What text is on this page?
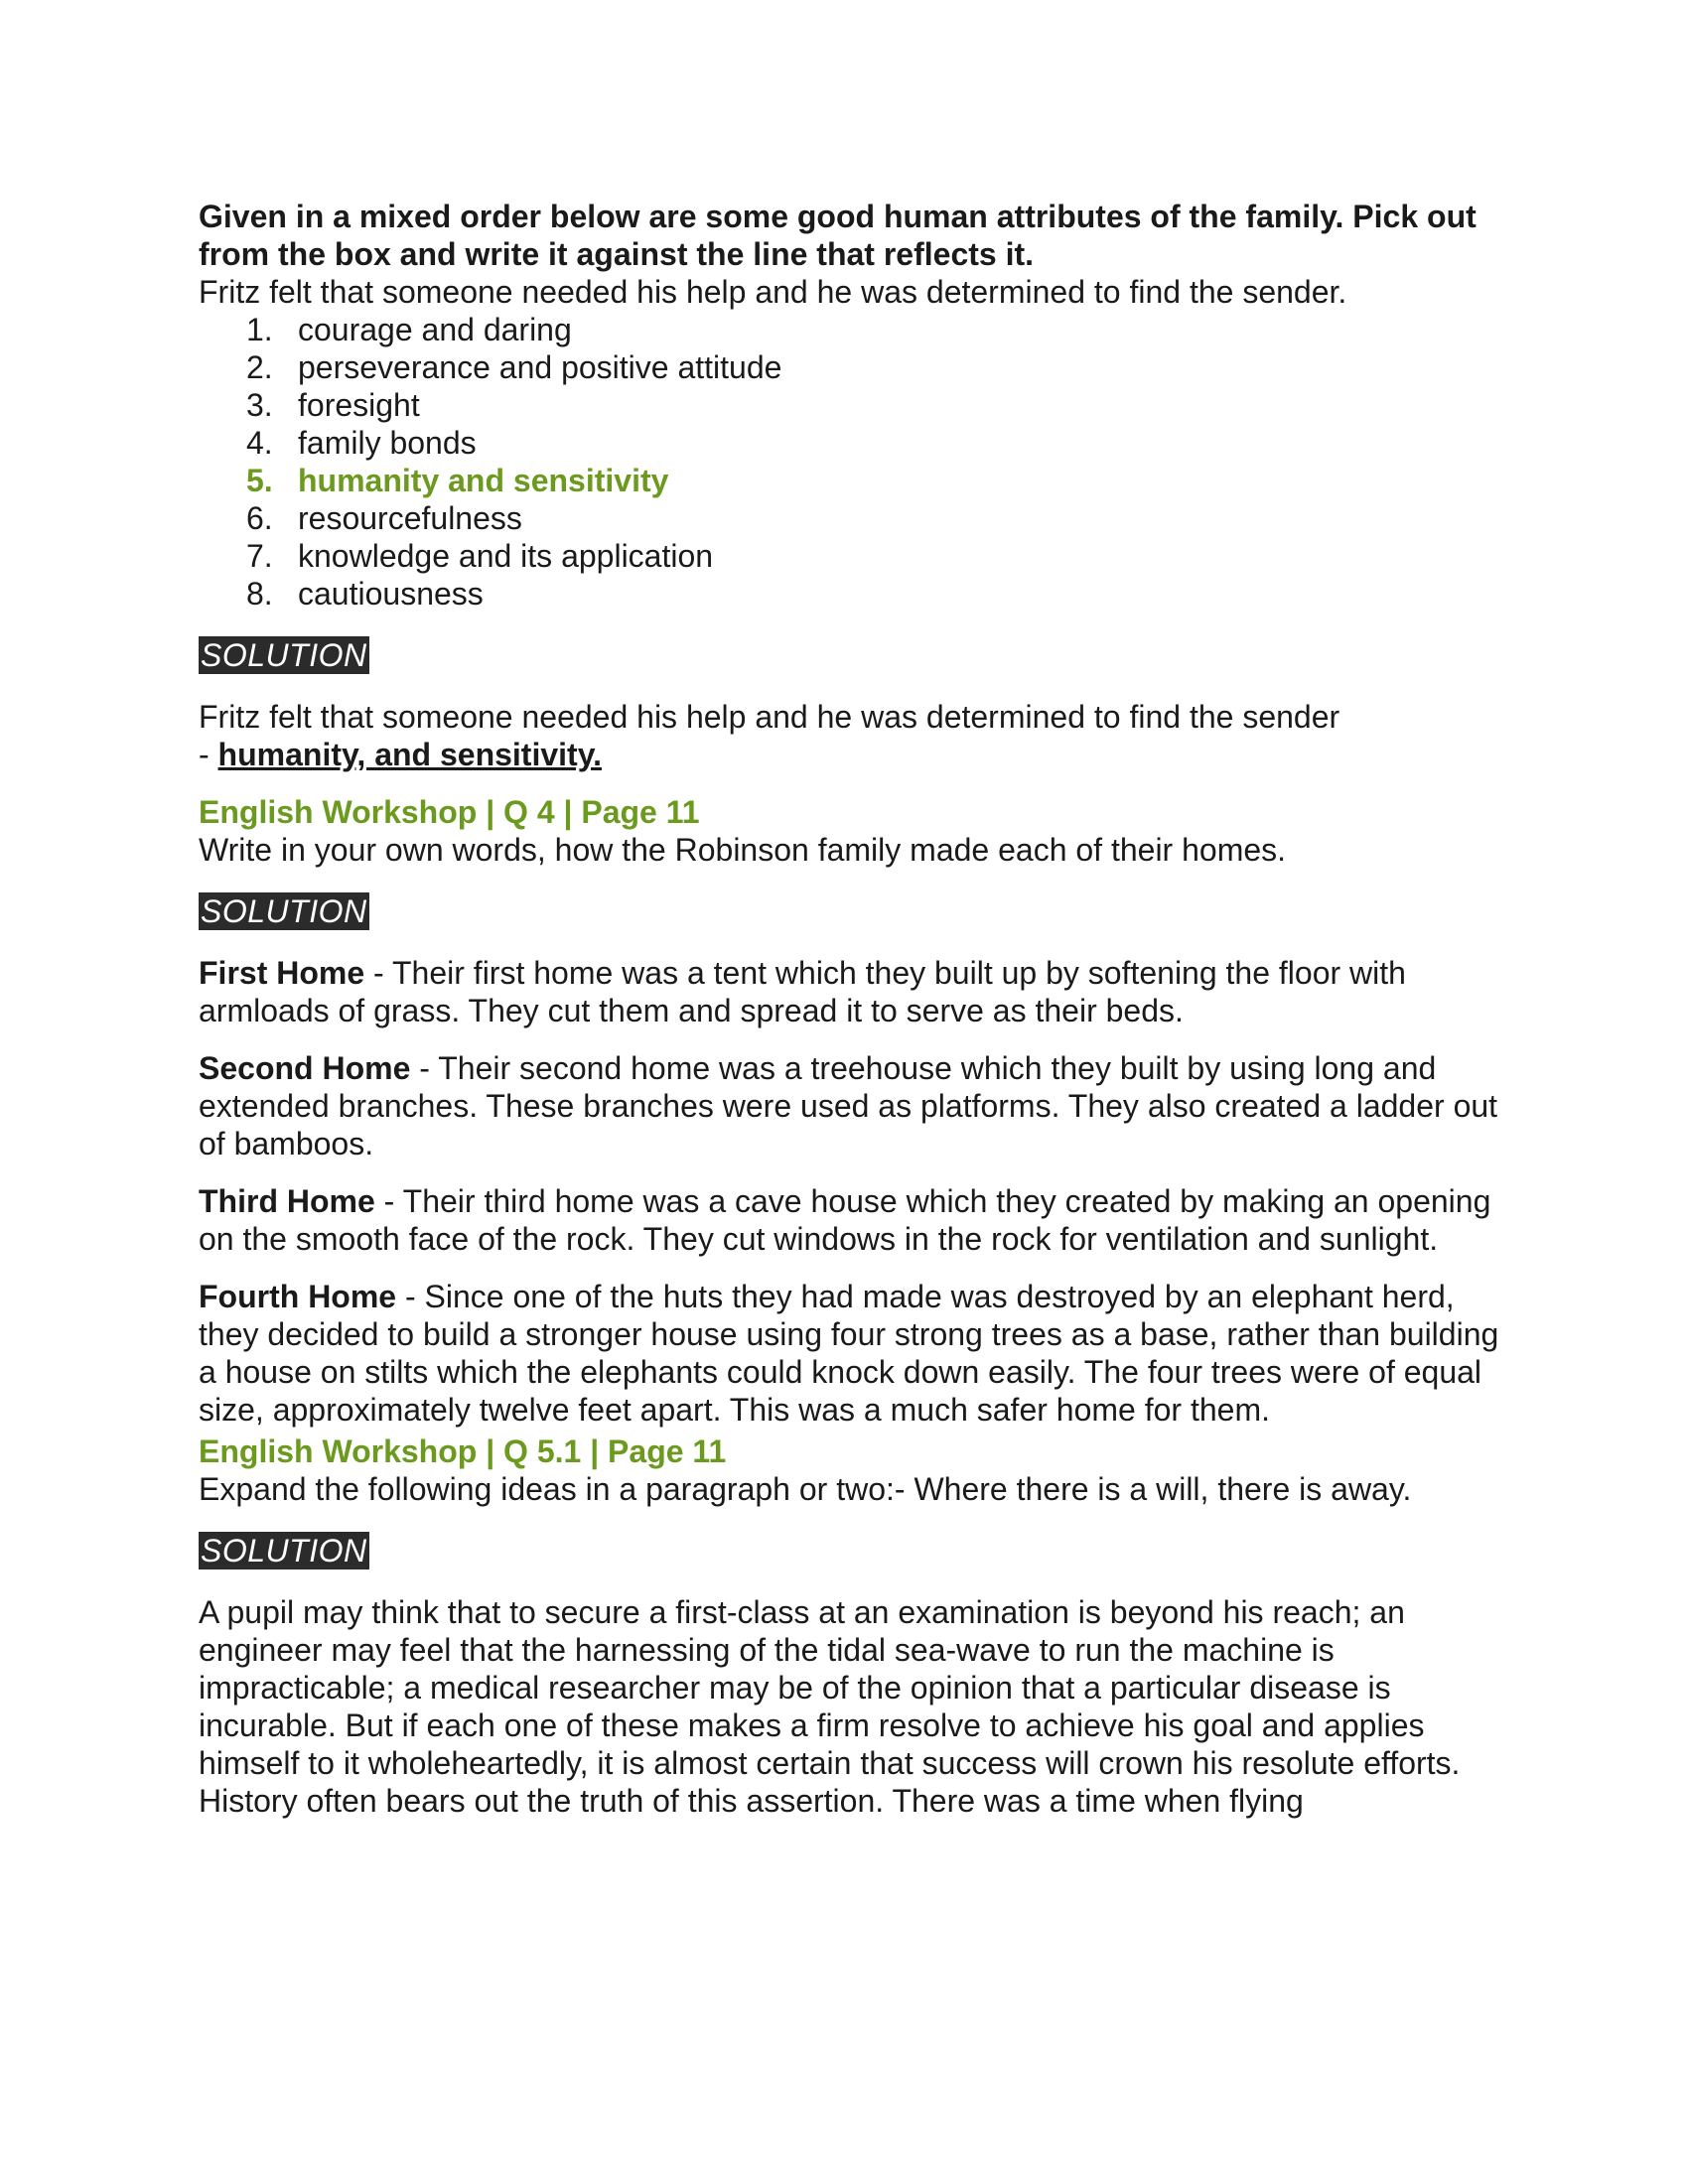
Given in a mixed order below are some good human attributes of the family. Pick out from the box and write it against the line that reflects it.

Fritz felt that someone needed his help and he was determined to find the sender.

1. courage and daring
2. perseverance and positive attitude
3. foresight
4. family bonds
5. humanity and sensitivity
6. resourcefulness
7. knowledge and its application
8. cautiousness
SOLUTION

Fritz felt that someone needed his help and he was determined to find the sender
- humanity, and sensitivity.

English Workshop | Q 4 | Page 11

Write in your own words, how the Robinson family made each of their homes.

SOLUTION

First Home - Their first home was a tent which they built up by softening the floor with armloads of grass. They cut them and spread it to serve as their beds.

Second Home - Their second home was a treehouse which they built by using long and extended branches. These branches were used as platforms. They also created a ladder out of bamboos.

Third Home - Their third home was a cave house which they created by making an opening on the smooth face of the rock. They cut windows in the rock for ventilation and sunlight.

Fourth Home - Since one of the huts they had made was destroyed by an elephant herd, they decided to build a stronger house using four strong trees as a base, rather than building a house on stilts which the elephants could knock down easily. The four trees were of equal size, approximately twelve feet apart. This was a much safer home for them.

English Workshop | Q 5.1 | Page 11

Expand the following ideas in a paragraph or two:- Where there is a will, there is away.

SOLUTION

A pupil may think that to secure a first-class at an examination is beyond his reach; an engineer may feel that the harnessing of the tidal sea-wave to run the machine is impracticable; a medical researcher may be of the opinion that a particular disease is incurable. But if each one of these makes a firm resolve to achieve his goal and applies himself to it wholeheartedly, it is almost certain that success will crown his resolute efforts. History often bears out the truth of this assertion. There was a time when flying
